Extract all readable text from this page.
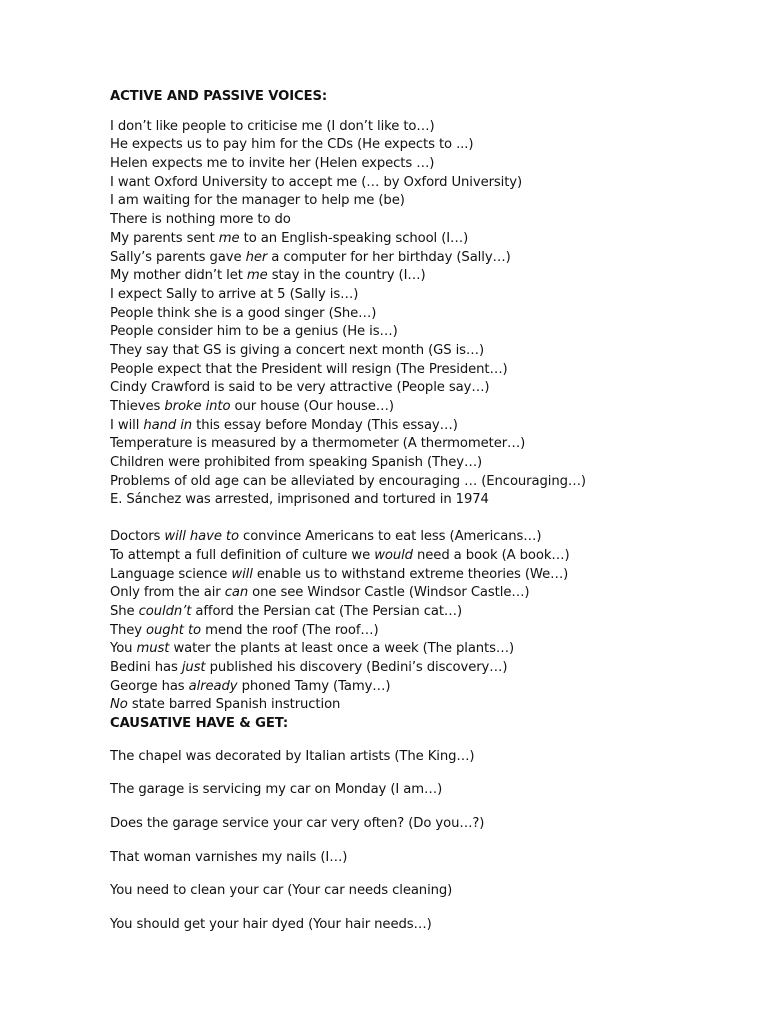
ACTIVE AND PASSIVE VOICES:
I don’t like people to criticise me (I don’t like to…)
He expects us to pay him for the CDs (He expects to ...)
Helen expects me to invite her (Helen expects …)
I want Oxford University to accept me (… by Oxford University)
I am waiting for the manager to help me (be)
There is nothing more to do
My parents sent me to an English-speaking school (I…)
Sally’s parents gave her a computer for her birthday (Sally…)
My mother didn’t let me stay in the country (I…)
I expect Sally to arrive at 5 (Sally is…)
People think she is a good singer (She…)
People consider him to be a genius (He is…)
They say that GS is giving a concert next month (GS is…)
People expect that the President will resign (The President…)
Cindy Crawford is said to be very attractive (People say…)
Thieves broke into our house (Our house…)
I will hand in this essay before Monday (This essay…)
Temperature is measured by a thermometer (A thermometer…)
Children were prohibited from speaking Spanish (They…)
Problems of old age can be alleviated by encouraging … (Encouraging…)
E. Sánchez was arrested, imprisoned and tortured in 1974
Doctors will have to convince Americans to eat less (Americans…)
To attempt a full definition of culture we would need a book (A book…)
Language science will enable us to withstand extreme theories (We…)
Only from the air can one see Windsor Castle (Windsor Castle…)
She couldn’t afford the Persian cat (The Persian cat…)
They ought to mend the roof (The roof…)
You must water the plants at least once a week (The plants…)
Bedini has just published his discovery (Bedini’s discovery…)
George has already phoned Tamy (Tamy…)
No state barred Spanish instruction
CAUSATIVE HAVE & GET:
The chapel was decorated by Italian artists (The King…)
The garage is servicing my car on Monday (I am…)
Does the garage service your car very often? (Do you…?)
That woman varnishes my nails (I…)
You need to clean your car (Your car needs cleaning)
You should get your hair dyed (Your hair needs…)
